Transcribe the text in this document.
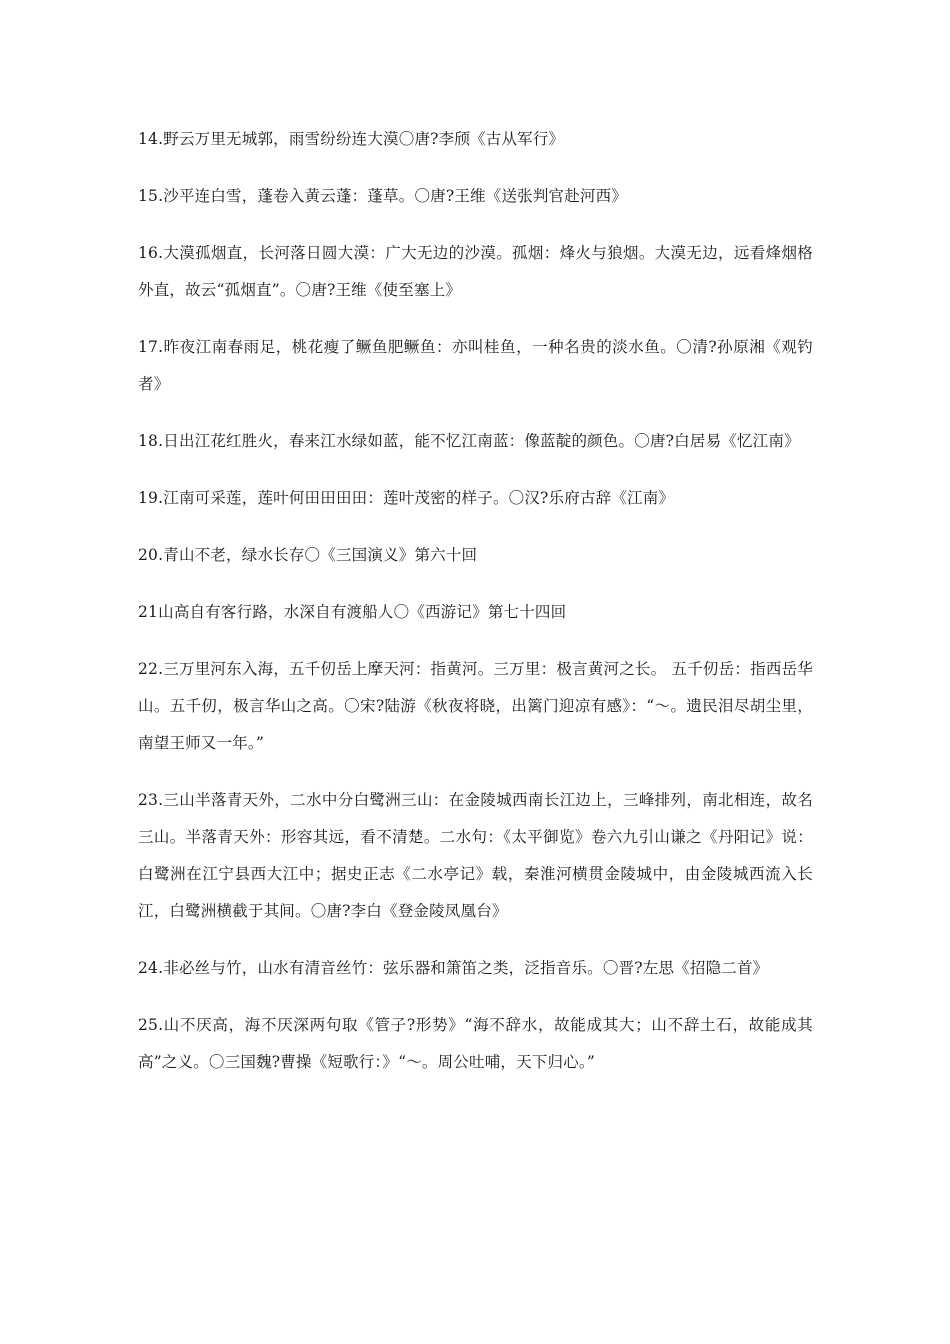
14.野云万里无城郭，雨雪纷纷连大漠〇唐?李颀《古从军行》

15.沙平连白雪，蓬卷入黄云蓬：蓬草。〇唐?王维《送张判官赴河西》

16.大漠孤烟直，长河落日圆大漠：广大无边的沙漠。孤烟：烽火与狼烟。大漠无边，远看烽烟格外直，故云“孤烟直”。〇唐?王维《使至塞上》

17.昨夜江南春雨足，桃花瘦了鳜鱼肥鳜鱼：亦叫桂鱼，一种名贵的淡水鱼。〇清?孙原湘《观钓者》

18.日出江花红胜火，春来江水绿如蓝，能不忆江南蓝：像蓝靛的颜色。〇唐?白居易《忆江南》

19.江南可采莲，莲叶何田田田田：莲叶茂密的样子。〇汉?乐府古辞《江南》

20.青山不老，绿水长存〇《三国演义》第六十回

21山高自有客行路，水深自有渡船人〇《西游记》第七十四回

22.三万里河东入海，五千仞岳上摩天河：指黄河。三万里：极言黄河之长。 五千仞岳：指西岳华山。五千仞，极言华山之高。〇宋?陆游《秋夜将晓，出篱门迎凉有感》：“～。遗民泪尽胡尘里，南望王师又一年。”

23.三山半落青天外，二水中分白鹭洲三山：在金陵城西南长江边上，三峰排列，南北相连，故名三山。半落青天外：形容其远，看不清楚。二水句：《太平御览》卷六九引山谦之《丹阳记》说：白鹭洲在江宁县西大江中；据史正志《二水亭记》载，秦淮河横贯金陵城中，由金陵城西流入长江，白鹭洲横截于其间。〇唐?李白《登金陵凤凰台》

24.非必丝与竹，山水有清音丝竹：弦乐器和箫笛之类，泛指音乐。〇晋?左思《招隐二首》

25.山不厌高，海不厌深两句取《管子?形势》“海不辞水，故能成其大；山不辞土石，故能成其高”之义。〇三国魏?曹操《短歌行：》“～。周公吐哺，天下归心。”
